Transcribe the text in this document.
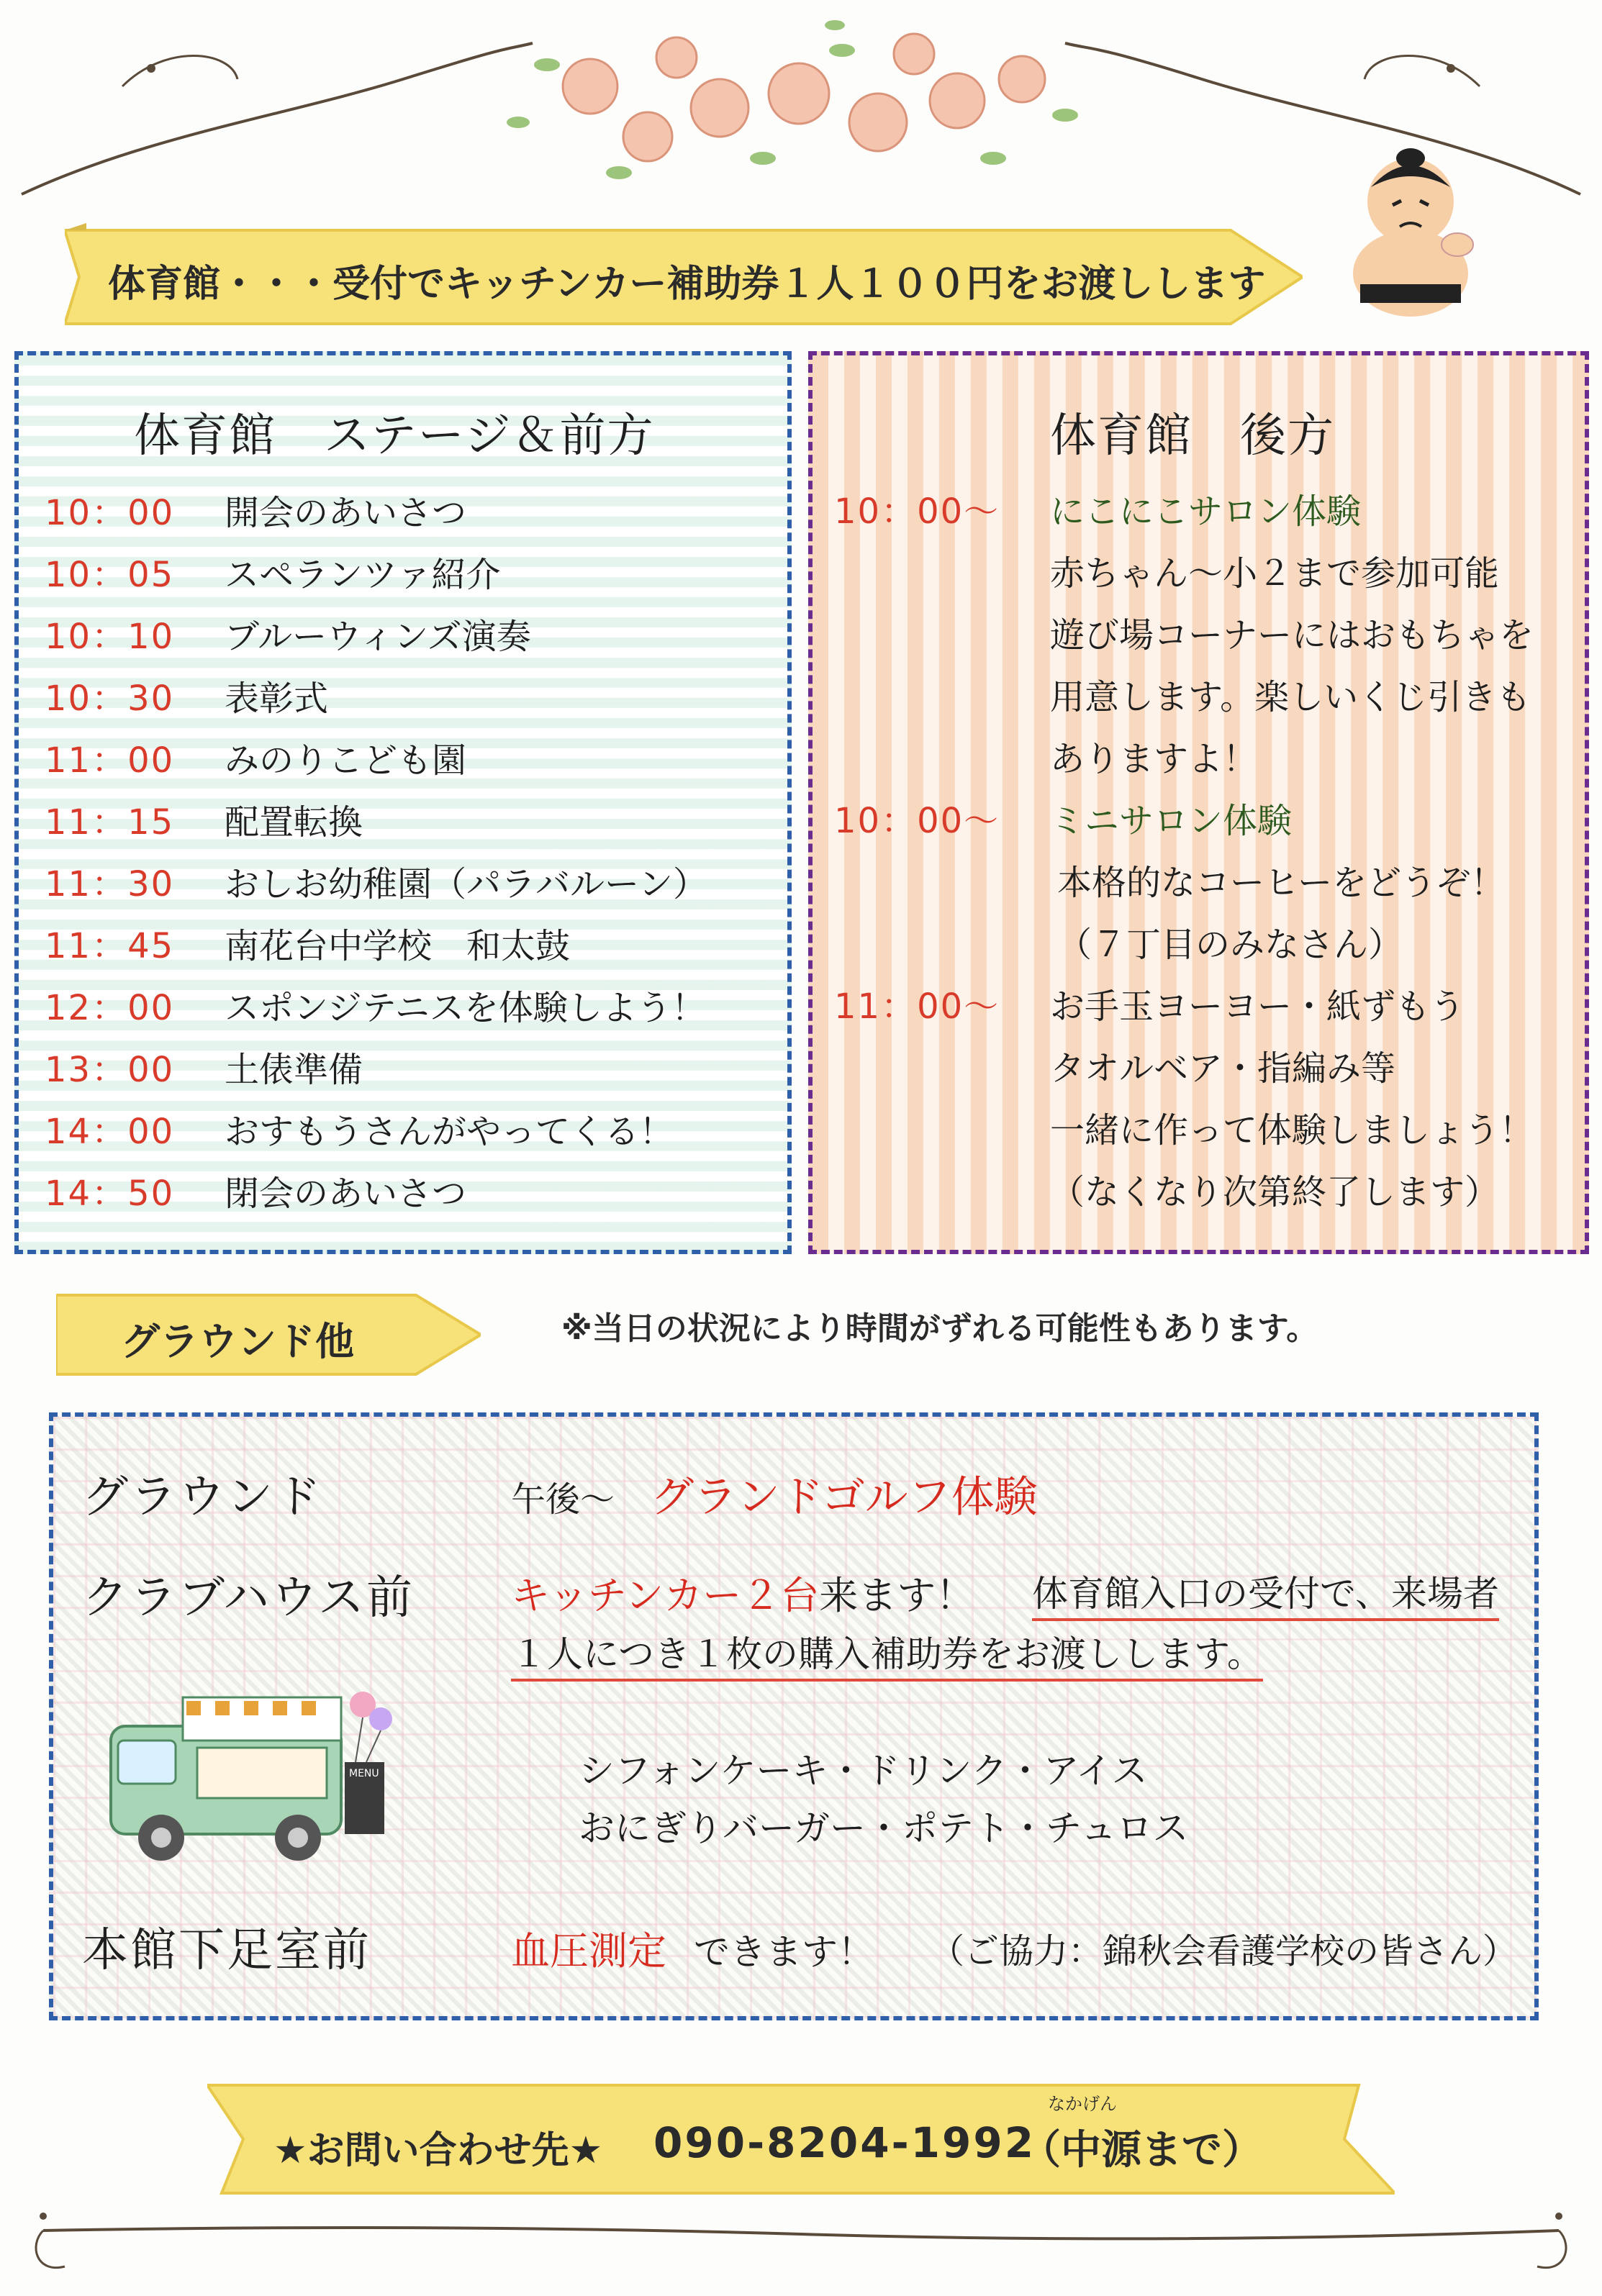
体育館・・・受付でキッチンカー補助券１人１００円をお渡しします
体育館　ステージ＆前方
10：00 開会のあいさつ
10：05 スペランツァ紹介
10：10 ブルーウィンズ演奏
10：30 表彰式
11：00 みのりこども園
11：15 配置転換
11：30 おしお幼稚園（パラバルーン）
11：45 南花台中学校　和太鼓
12：00 スポンジテニスを体験しよう！
13：00 土俵準備
14：00 おすもうさんがやってくる！
14：50 閉会のあいさつ
体育館　後方
10：00～ にこにこサロン体験
赤ちゃん～小２まで参加可能
遊び場コーナーにはおもちゃを
用意します。楽しいくじ引きも
ありますよ！
10：00～ ミニサロン体験
本格的なコーヒーをどうぞ！
（７丁目のみなさん）
11：00～ お手玉ヨーヨー・紙ずもう
タオルベア・指編み等
一緒に作って体験しましょう！
（なくなり次第終了します）
グラウンド他	※当日の状況により時間がずれる可能性もあります。
グラウンド	午後～ グランドゴルフ体験
クラブハウス前 キッチンカー２台来ます！ 体育館入口の受付で、来場者
１人につき１枚の購入補助券をお渡しします。
MENU	シフォンケーキ・ドリンク・アイス
おにぎりバーガー・ポテト・チュロス
本館下足室前	血圧測定 できます！ （ご協力：錦秋会看護学校の皆さん）
★お問い合わせ先★ 090-8204-1992
なかげん
（中源まで）
